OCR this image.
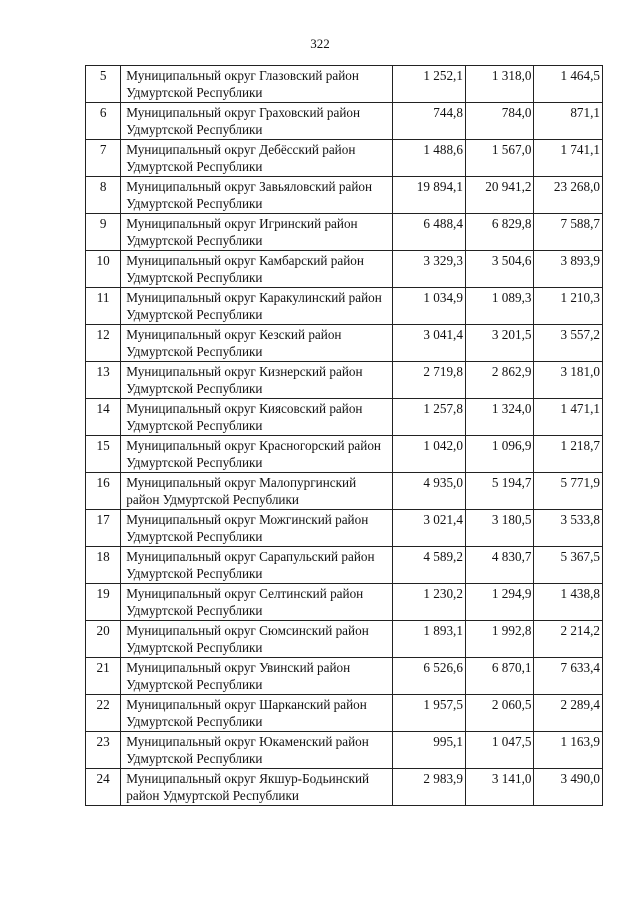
322
5	Муниципальный округ Глазовский район Удмуртской Республики	1 252,1	1 318,0	1 464,5
6	Муниципальный округ Граховский район Удмуртской Республики	744,8	784,0	871,1
7	Муниципальный округ Дебёсский район Удмуртской Республики	1 488,6	1 567,0	1 741,1
8	Муниципальный округ Завьяловский район Удмуртской Республики	19 894,1	20 941,2	23 268,0
9	Муниципальный округ Игринский район Удмуртской Республики	6 488,4	6 829,8	7 588,7
10	Муниципальный округ Камбарский район Удмуртской Республики	3 329,3	3 504,6	3 893,9
11	Муниципальный округ Каракулинский район Удмуртской Республики	1 034,9	1 089,3	1 210,3
12	Муниципальный округ Кезский район Удмуртской Республики	3 041,4	3 201,5	3 557,2
13	Муниципальный округ Кизнерский район Удмуртской Республики	2 719,8	2 862,9	3 181,0
14	Муниципальный округ Киясовский район Удмуртской Республики	1 257,8	1 324,0	1 471,1
15	Муниципальный округ Красногорский район Удмуртской Республики	1 042,0	1 096,9	1 218,7
16	Муниципальный округ Малопургинский район Удмуртской Республики	4 935,0	5 194,7	5 771,9
17	Муниципальный округ Можгинский район Удмуртской Республики	3 021,4	3 180,5	3 533,8
18	Муниципальный округ Сарапульский район Удмуртской Республики	4 589,2	4 830,7	5 367,5
19	Муниципальный округ Селтинский район Удмуртской Республики	1 230,2	1 294,9	1 438,8
20	Муниципальный округ Сюмсинский район Удмуртской Республики	1 893,1	1 992,8	2 214,2
21	Муниципальный округ Увинский район Удмуртской Республики	6 526,6	6 870,1	7 633,4
22	Муниципальный округ Шарканский район Удмуртской Республики	1 957,5	2 060,5	2 289,4
23	Муниципальный округ Юкаменский район Удмуртской Республики	995,1	1 047,5	1 163,9
24	Муниципальный округ Якшур-Бодьинский район Удмуртской Республики	2 983,9	3 141,0	3 490,0
